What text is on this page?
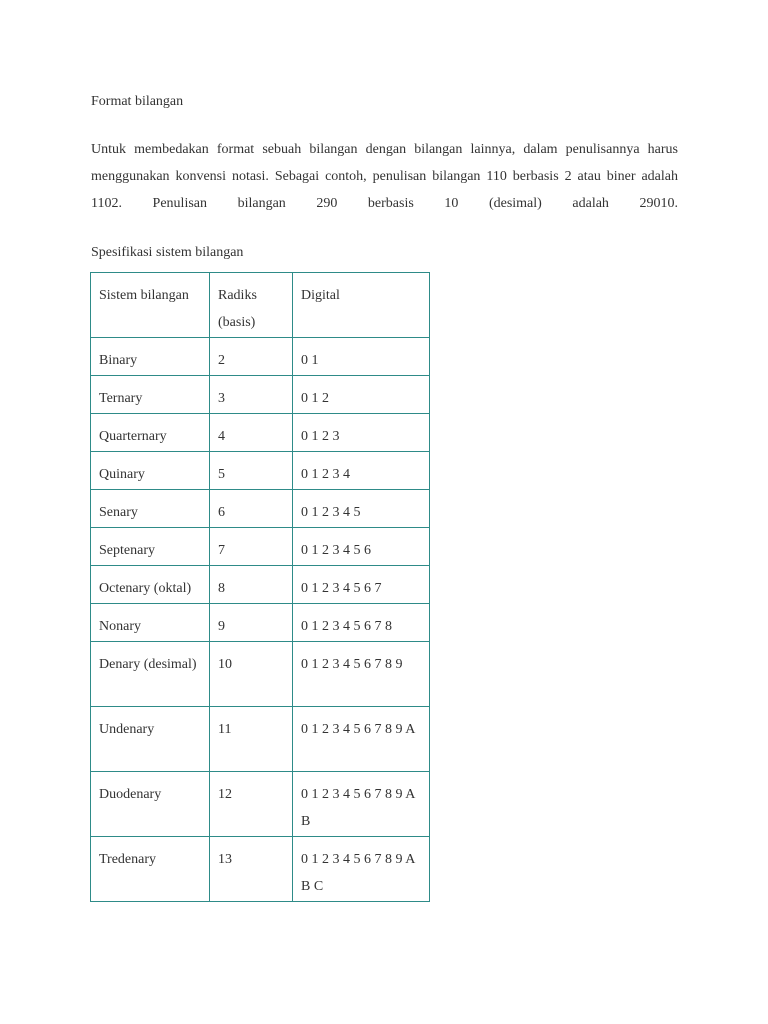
Format bilangan
Untuk membedakan format sebuah bilangan dengan bilangan lainnya, dalam penulisannya harus menggunakan konvensi notasi. Sebagai contoh, penulisan bilangan 110 berbasis 2 atau biner adalah 1102. Penulisan bilangan 290 berbasis 10 (desimal) adalah 29010.
Spesifikasi sistem bilangan
Sistem bilangan	Radiks (basis)	Digital
Binary	2	0 1
Ternary	3	0 1 2
Quarternary	4	0 1 2 3
Quinary	5	0 1 2 3 4
Senary	6	0 1 2 3 4 5
Septenary	7	0 1 2 3 4 5 6
Octenary (oktal)	8	0 1 2 3 4 5 6 7
Nonary	9	0 1 2 3 4 5 6 7 8
Denary (desimal)	10	0 1 2 3 4 5 6 7 8 9
Undenary	11	0 1 2 3 4 5 6 7 8 9 A
Duodenary	12	0 1 2 3 4 5 6 7 8 9 A B
Tredenary	13	0 1 2 3 4 5 6 7 8 9 A B C
